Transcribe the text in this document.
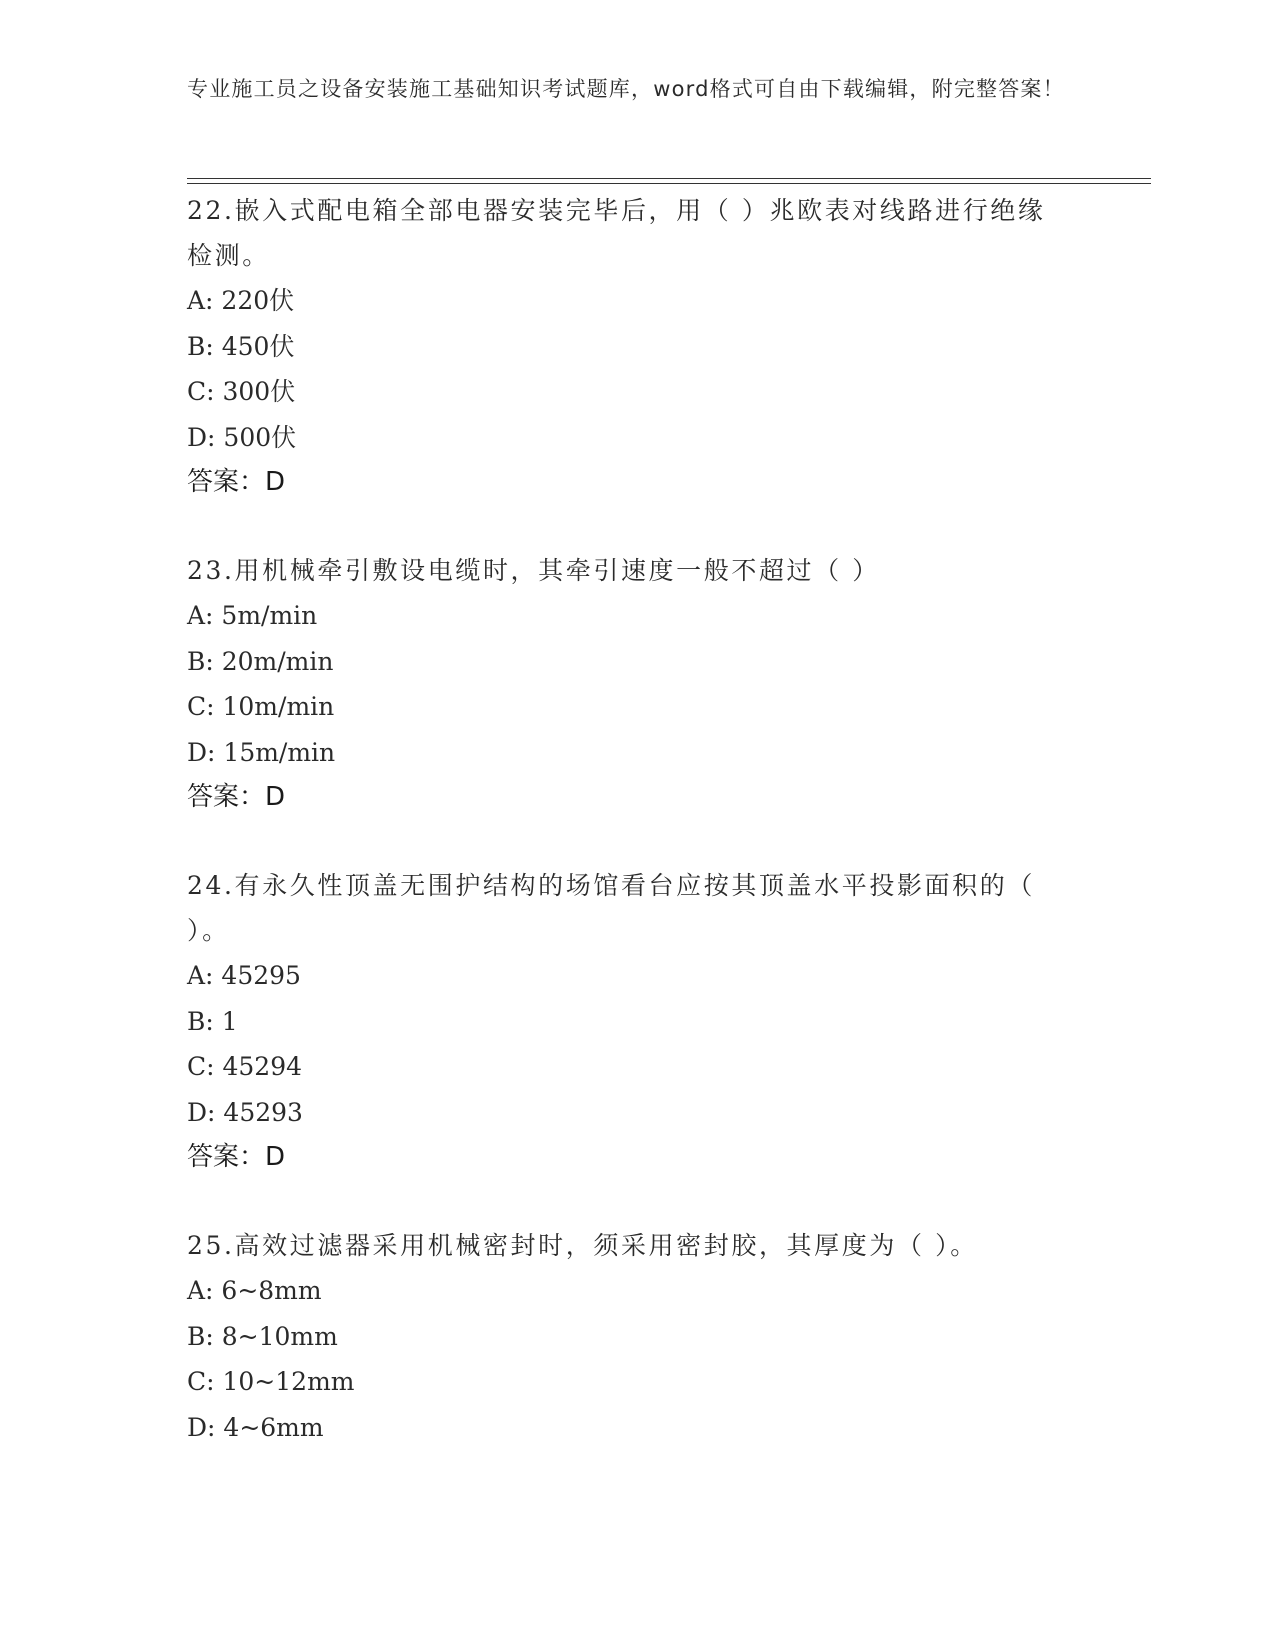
专业施工员之设备安装施工基础知识考试题库，word格式可自由下载编辑，附完整答案！
22.嵌入式配电箱全部电器安装完毕后，用（ ）兆欧表对线路进行绝缘检测。
A: 220伏
B: 450伏
C: 300伏
D: 500伏
答案：D
23.用机械牵引敷设电缆时，其牵引速度一般不超过（ ）
A: 5m/min
B: 20m/min
C: 10m/min
D: 15m/min
答案：D
24.有永久性顶盖无围护结构的场馆看台应按其顶盖水平投影面积的（ ）。
A: 45295
B: 1
C: 45294
D: 45293
答案：D
25.高效过滤器采用机械密封时，须采用密封胶，其厚度为（ ）。
A: 6~8mm
B: 8~10mm
C: 10~12mm
D: 4~6mm
